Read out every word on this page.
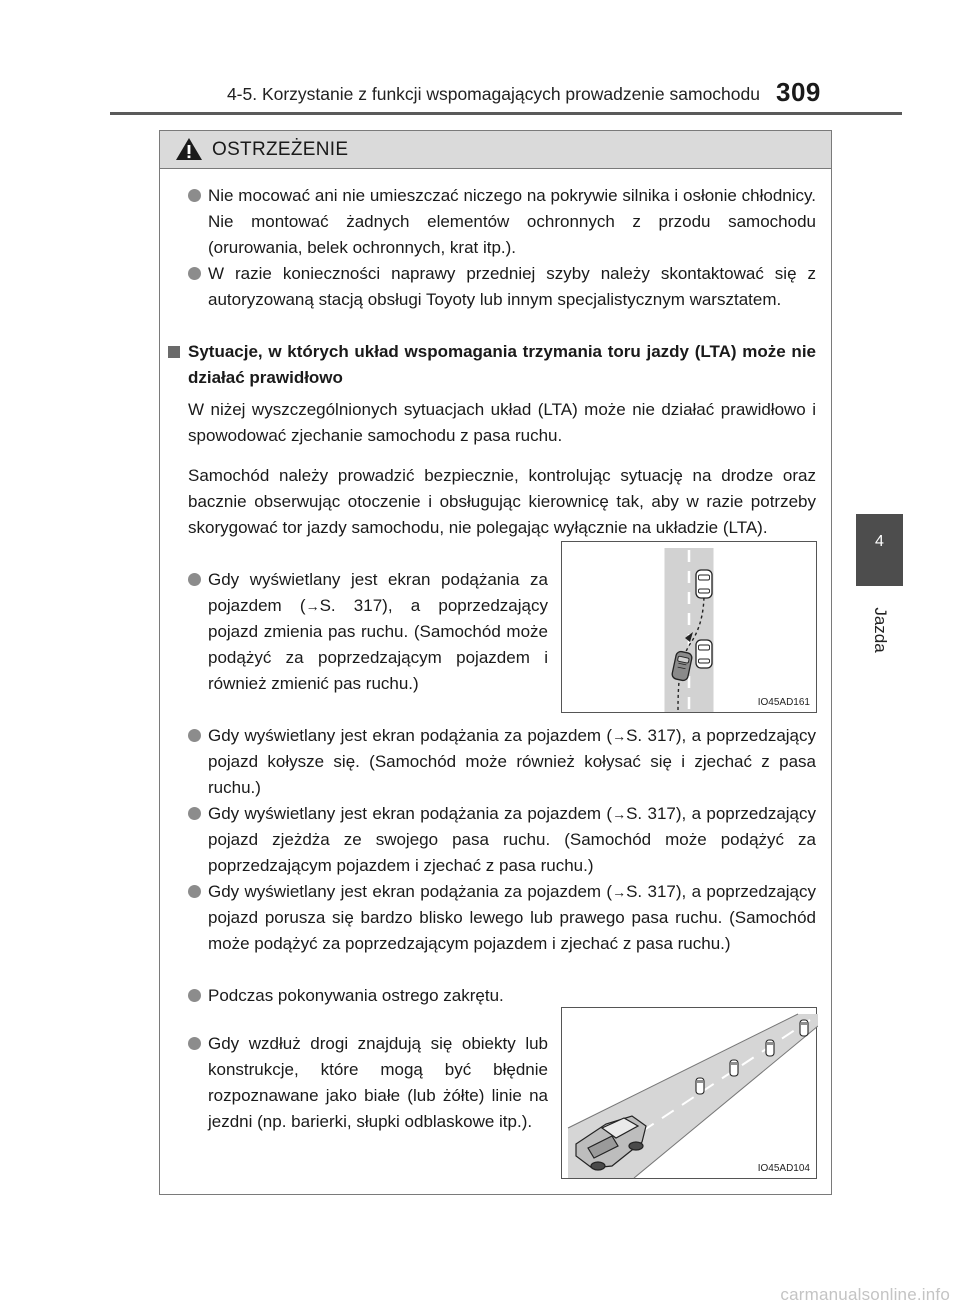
4-5. Korzystanie z funkcji wspomagających prowadzenie samochodu 309
4
Jazda
OSTRZEŻENIE
Nie mocować ani nie umieszczać niczego na pokrywie silnika i osłonie chłodnicy. Nie montować żadnych elementów ochronnych z przodu samochodu (orurowania, belek ochronnych, krat itp.).
W razie konieczności naprawy przedniej szyby należy skontaktować się z autoryzowaną stacją obsługi Toyoty lub innym specjalistycznym warsztatem.
Sytuacje, w których układ wspomagania trzymania toru jazdy (LTA) może nie działać prawidłowo
W niżej wyszczególnionych sytuacjach układ (LTA) może nie działać prawidłowo i spowodować zjechanie samochodu z pasa ruchu.
Samochód należy prowadzić bezpiecznie, kontrolując sytuację na drodze oraz bacznie obserwując otoczenie i obsługując kierownicę tak, aby w razie potrzeby skorygować tor jazdy samochodu, nie polegając wyłącznie na układzie (LTA).
Gdy wyświetlany jest ekran podążania za pojazdem (→S. 317), a poprzedzający pojazd zmienia pas ruchu. (Samochód może podążyć za poprzedzającym pojazdem i również zmienić pas ruchu.)
IO45AD161
Gdy wyświetlany jest ekran podążania za pojazdem (→S. 317), a poprzedzający pojazd kołysze się. (Samochód może również kołysać się i zjechać z pasa ruchu.)
Gdy wyświetlany jest ekran podążania za pojazdem (→S. 317), a poprzedzający pojazd zjeżdża ze swojego pasa ruchu. (Samochód może podążyć za poprzedzającym pojazdem i zjechać z pasa ruchu.)
Gdy wyświetlany jest ekran podążania za pojazdem (→S. 317), a poprzedzający pojazd porusza się bardzo blisko lewego lub prawego pasa ruchu. (Samochód może podążyć za poprzedzającym pojazdem i zjechać z pasa ruchu.)
Podczas pokonywania ostrego zakrętu.
Gdy wzdłuż drogi znajdują się obiekty lub konstrukcje, które mogą być błędnie rozpoznawane jako białe (lub żółte) linie na jezdni (np. barierki, słupki odblaskowe itp.).
IO45AD104
carmanualsonline.info
